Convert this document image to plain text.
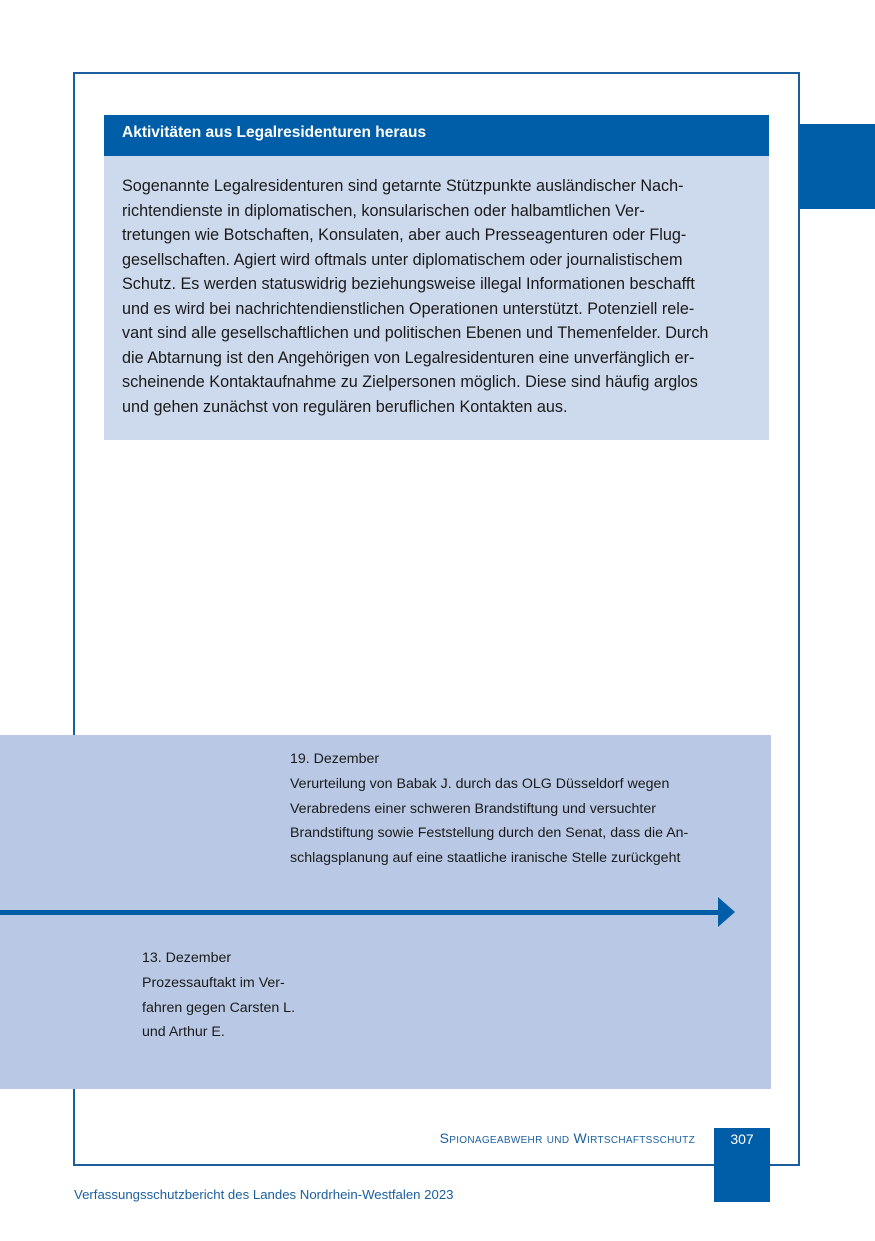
Aktivitäten aus Legalresidenturen heraus
Sogenannte Legalresidenturen sind getarnte Stützpunkte ausländischer Nach-
richtendienste in diplomatischen, konsularischen oder halbamtlichen Ver-
tretungen wie Botschaften, Konsulaten, aber auch Presseagenturen oder Flug-
gesellschaften. Agiert wird oftmals unter diplomatischem oder journalistischem
Schutz. Es werden statuswidrig beziehungsweise illegal Informationen beschafft
und es wird bei nachrichtendienstlichen Operationen unterstützt. Potenziell rele-
vant sind alle gesellschaftlichen und politischen Ebenen und Themenfelder. Durch
die Abtarnung ist den Angehörigen von Legalresidenturen eine unverfänglich er-
scheinende Kontaktaufnahme zu Zielpersonen möglich. Diese sind häufig arglos
und gehen zunächst von regulären beruflichen Kontakten aus.
19. Dezember
Verurteilung von Babak J. durch das OLG Düsseldorf wegen
Verabredens einer schweren Brandstiftung und versuchter
Brandstiftung sowie Feststellung durch den Senat, dass die An-
schlagsplanung auf eine staatliche iranische Stelle zurückgeht
13. Dezember
Prozessauftakt im Ver-
fahren gegen Carsten L.
und Arthur E.
Spionageabwehr und Wirtschaftsschutz	307
Verfassungsschutzbericht des Landes Nordrhein-Westfalen 2023
